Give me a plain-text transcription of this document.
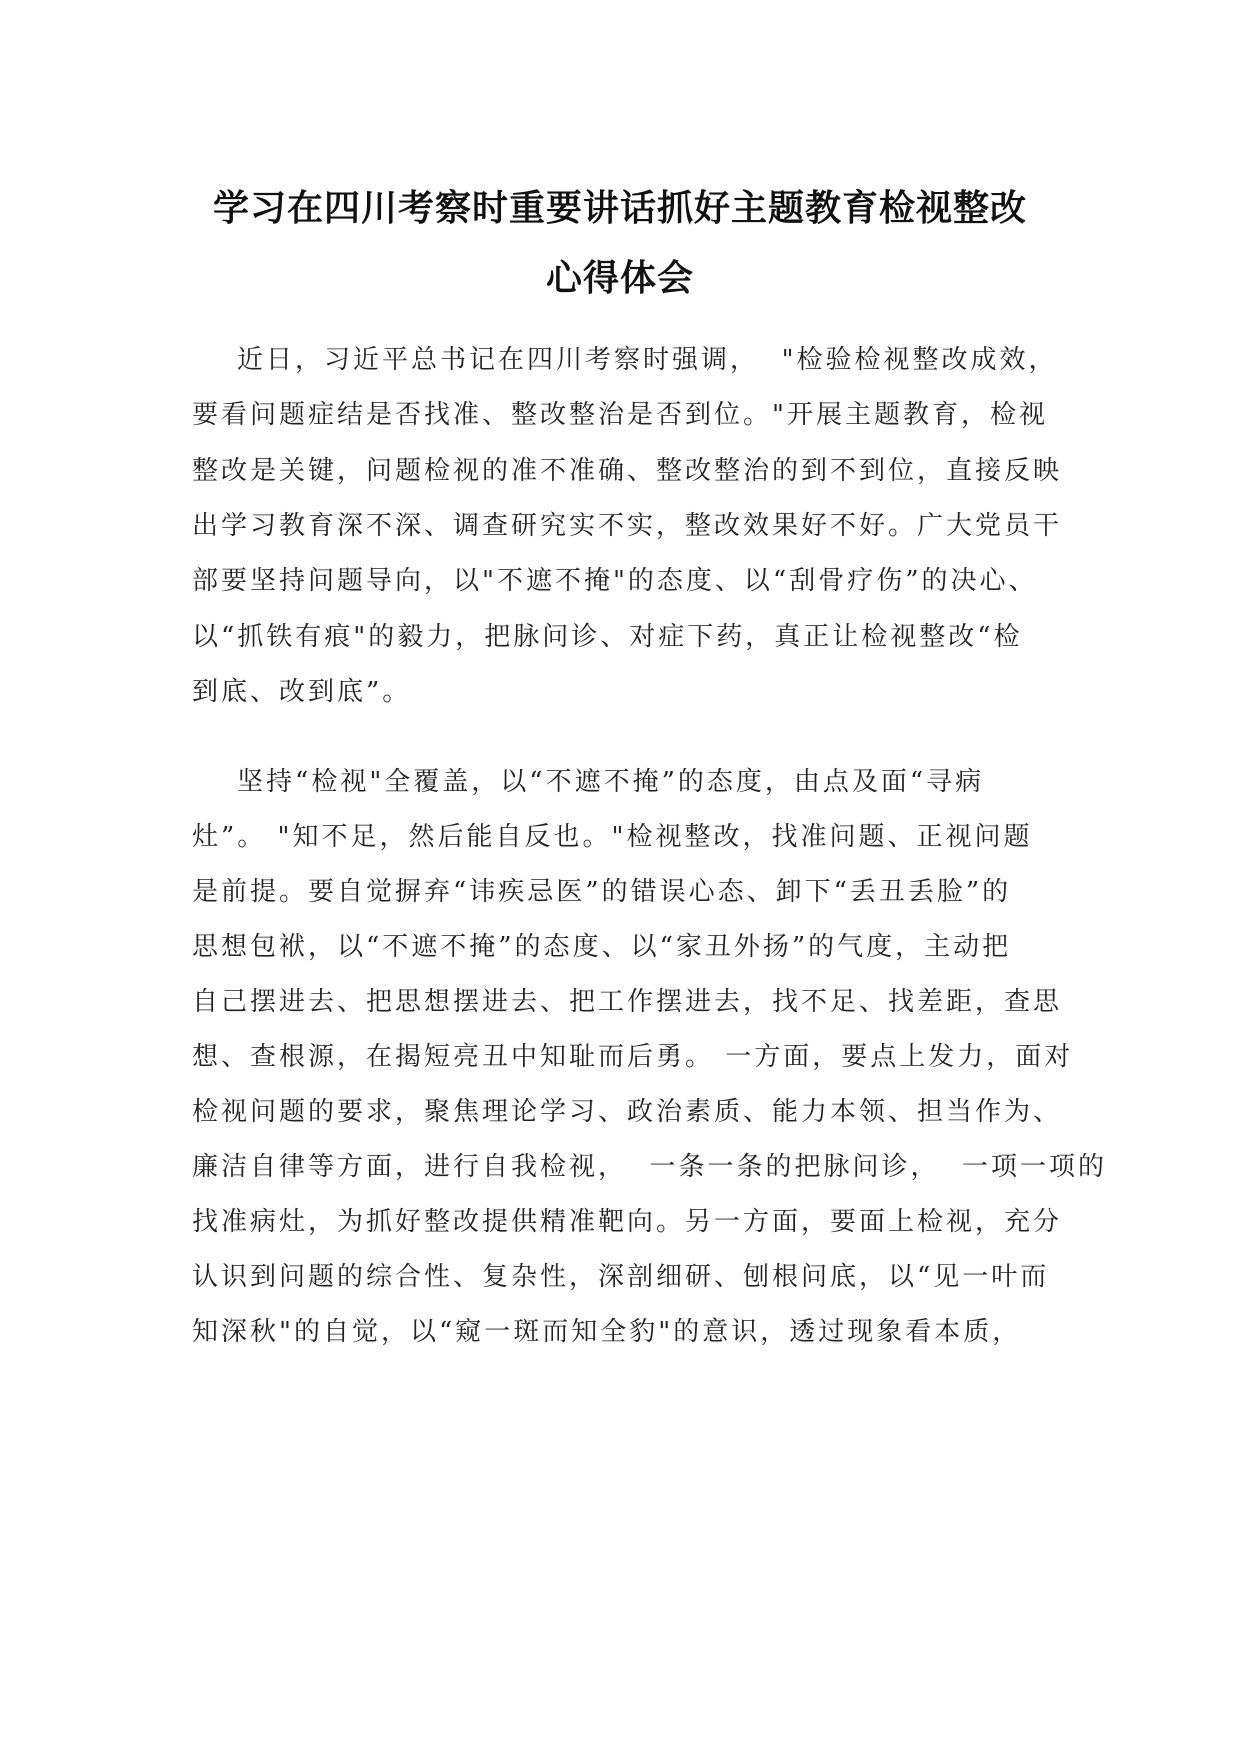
学习在四川考察时重要讲话抓好主题教育检视整改
心得体会
近日，习近平总书记在四川考察时强调，  "检验检视整改成效，
要看问题症结是否找准、整改整治是否到位。"开展主题教育，检视
整改是关键，问题检视的准不准确、整改整治的到不到位，直接反映
出学习教育深不深、调查研究实不实，整改效果好不好。广大党员干
部要坚持问题导向，以"不遮不掩"的态度、以“刮骨疗伤”的决心、
以“抓铁有痕"的毅力，把脉问诊、对症下药，真正让检视整改“检
到底、改到底”。
坚持“检视"全覆盖，以“不遮不掩”的态度，由点及面“寻病
灶”。 "知不足，然后能自反也。"检视整改，找准问题、正视问题
是前提。要自觉摒弃“讳疾忌医”的错误心态、卸下“丢丑丢脸”的
思想包袱，以“不遮不掩”的态度、以“家丑外扬”的气度，主动把
自己摆进去、把思想摆进去、把工作摆进去，找不足、找差距，查思
想、查根源，在揭短亮丑中知耻而后勇。 一方面，要点上发力，面对
检视问题的要求，聚焦理论学习、政治素质、能力本领、担当作为、
廉洁自律等方面，进行自我检视，  一条一条的把脉问诊，  一项一项的
找准病灶，为抓好整改提供精准靶向。另一方面，要面上检视，充分
认识到问题的综合性、复杂性，深剖细研、刨根问底，以“见一叶而
知深秋"的自觉，以“窥一斑而知全豹"的意识，透过现象看本质，
